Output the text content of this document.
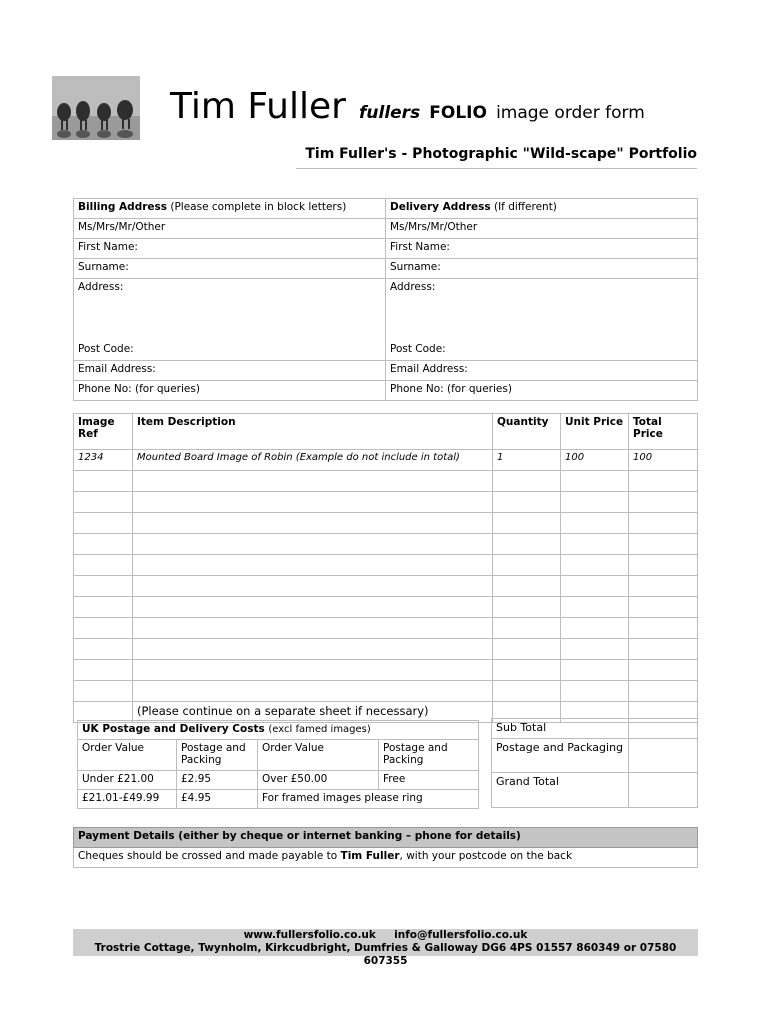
Tim Fuller fullers FOLIO image order form
Tim Fuller's - Photographic "Wild-scape" Portfolio
Billing Address (Please complete in block letters)	Delivery Address (If different)
Ms/Mrs/Mr/Other	Ms/Mrs/Mr/Other
First Name:	First Name:
Surname:	Surname:
Address:	Address:
Post Code:	Post Code:
Email Address:	Email Address:
Phone No: (for queries)	Phone No: (for queries)
Image Ref	Item Description	Quantity	Unit Price	Total Price
1234	Mounted Board Image of Robin (Example do not include in total)	1	100	100

	(Please continue on a separate sheet if necessary)			
UK Postage and Delivery Costs (excl famed images)			
Order Value	Postage and Packing	Order Value	Postage and Packing
Under £21.00	£2.95	Over £50.00	Free
£21.01-£49.99	£4.95	For framed images please ring	
Sub Total	
Postage and Packaging	
Grand Total	
Payment Details (either by cheque or internet banking – phone for details)
Cheques should be crossed and made payable to Tim Fuller, with your postcode on the back
www.fullersfolio.co.uk     info@fullersfolio.co.uk
Trostrie Cottage, Twynholm, Kirkcudbright, Dumfries & Galloway DG6 4PS 01557 860349 or 07580 607355
